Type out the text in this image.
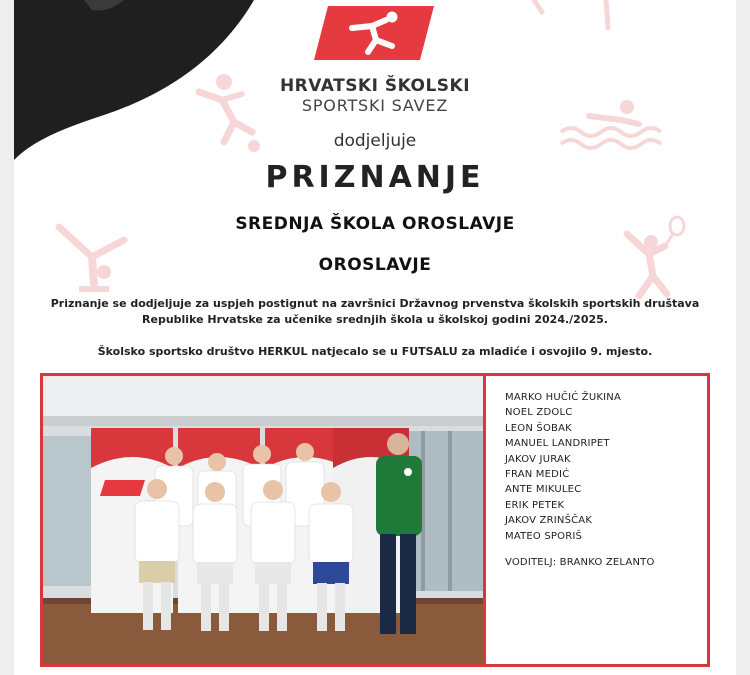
HRVATSKI ŠKOLSKI
SPORTSKI SAVEZ
dodjeljuje
PRIZNANJE
SREDNJA ŠKOLA OROSLAVJE
OROSLAVJE
Priznanje se dodjeljuje za uspjeh postignut na završnici Državnog prvenstva školskih sportskih društava
Republike Hrvatske za učenike srednjih škola u školskoj godini 2024./2025.
Školsko sportsko društvo HERKUL natjecalo se u FUTSALU za mladiće i osvojilo 9. mjesto.
MARKO HUČIĆ ŽUKINA
NOEL ZDOLC
LEON ŠOBAK
MANUEL LANDRIPET
JAKOV JURAK
FRAN MEDIĆ
ANTE MIKULEC
ERIK PETEK
JAKOV ZRINŠČAK
MATEO SPORIŠ
VODITELJ: BRANKO ZELANTO
